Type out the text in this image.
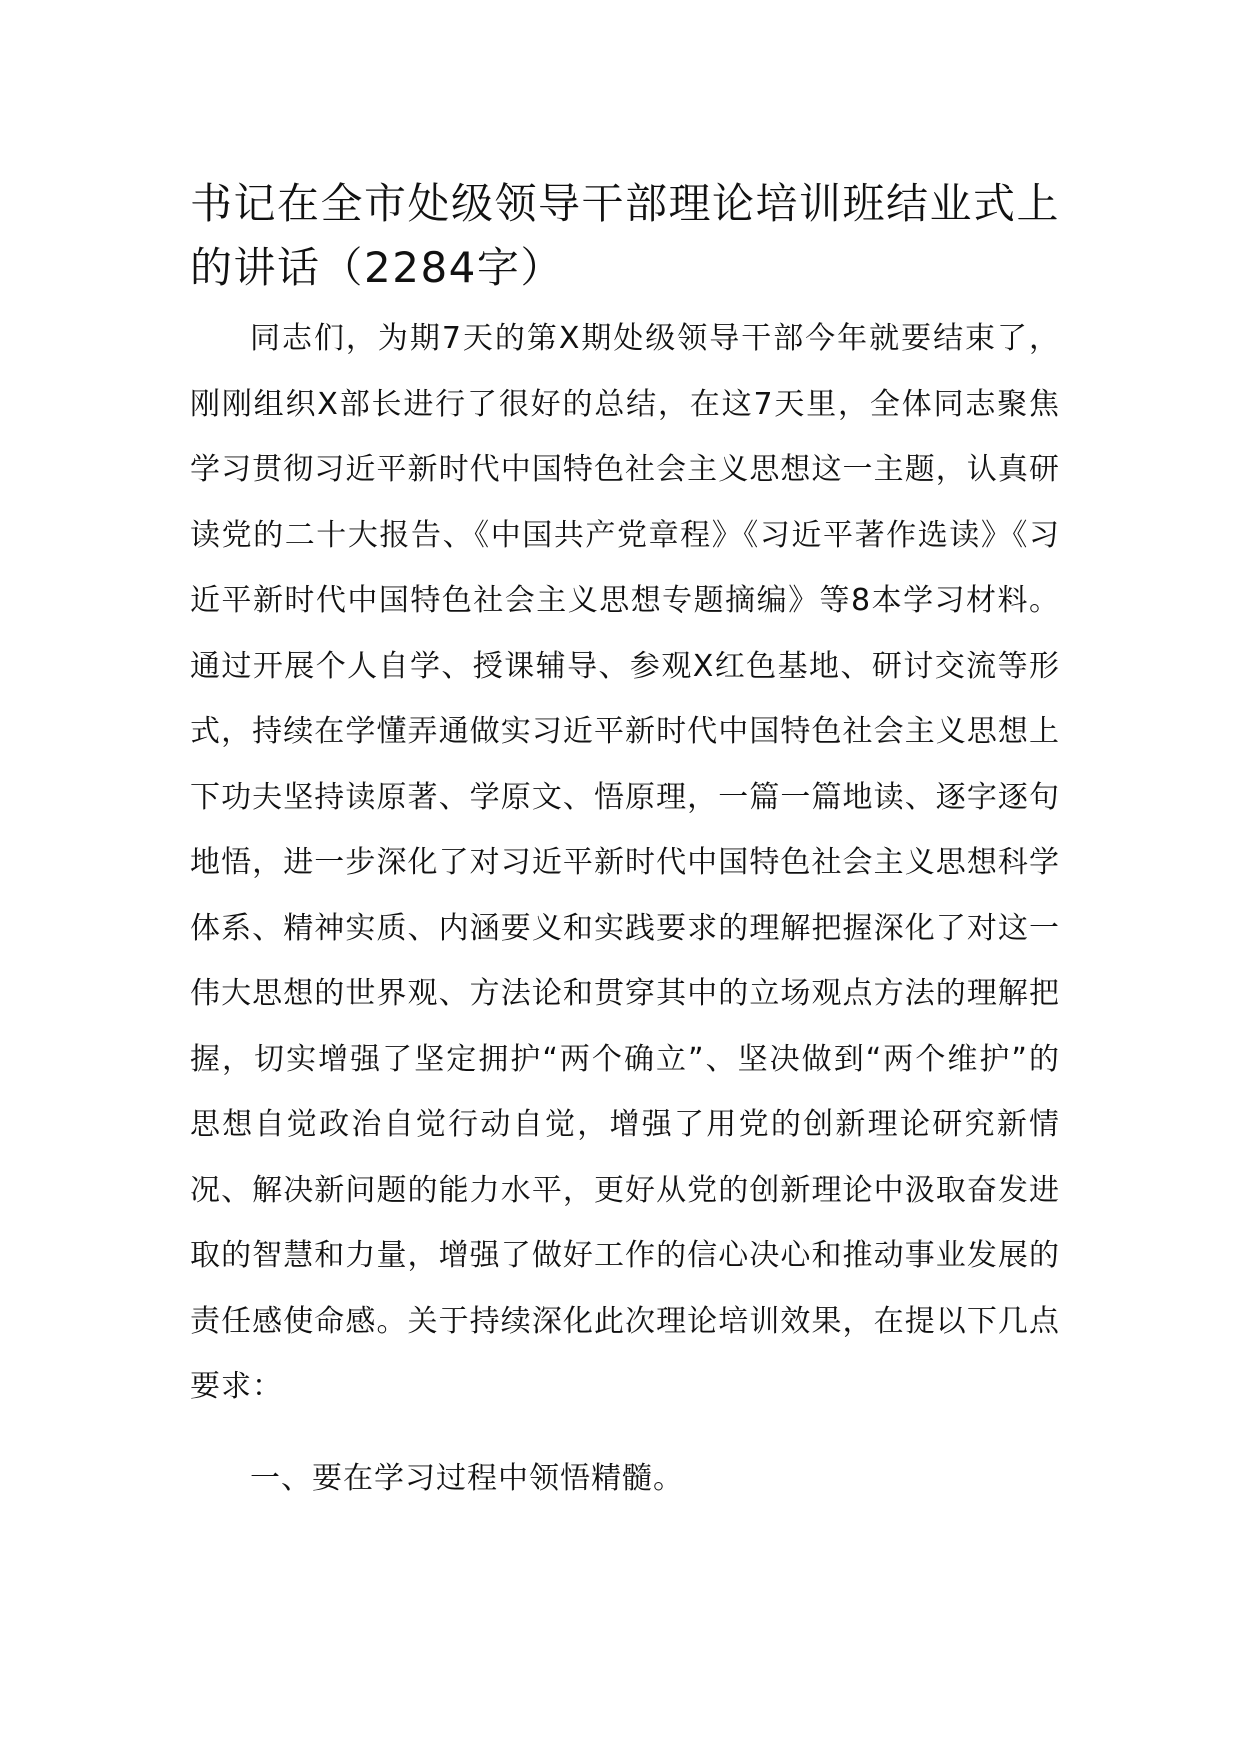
书记在全市处级领导干部理论培训班结业式上的讲话（2284字）

同志们，为期7天的第X期处级领导干部今年就要结束了，刚刚组织X部长进行了很好的总结，在这7天里，全体同志聚焦学习贯彻习近平新时代中国特色社会主义思想这一主题，认真研读党的二十大报告、《中国共产党章程》《习近平著作选读》《习近平新时代中国特色社会主义思想专题摘编》等8本学习材料。通过开展个人自学、授课辅导、参观X红色基地、研讨交流等形式，持续在学懂弄通做实习近平新时代中国特色社会主义思想上下功夫坚持读原著、学原文、悟原理，一篇一篇地读、逐字逐句地悟，进一步深化了对习近平新时代中国特色社会主义思想科学体系、精神实质、内涵要义和实践要求的理解把握深化了对这一伟大思想的世界观、方法论和贯穿其中的立场观点方法的理解把握，切实增强了坚定拥护“两个确立”、坚决做到“两个维护”的思想自觉政治自觉行动自觉，增强了用党的创新理论研究新情况、解决新问题的能力水平，更好从党的创新理论中汲取奋发进取的智慧和力量，增强了做好工作的信心决心和推动事业发展的责任感使命感。关于持续深化此次理论培训效果，在提以下几点要求：

一、要在学习过程中领悟精髓。
